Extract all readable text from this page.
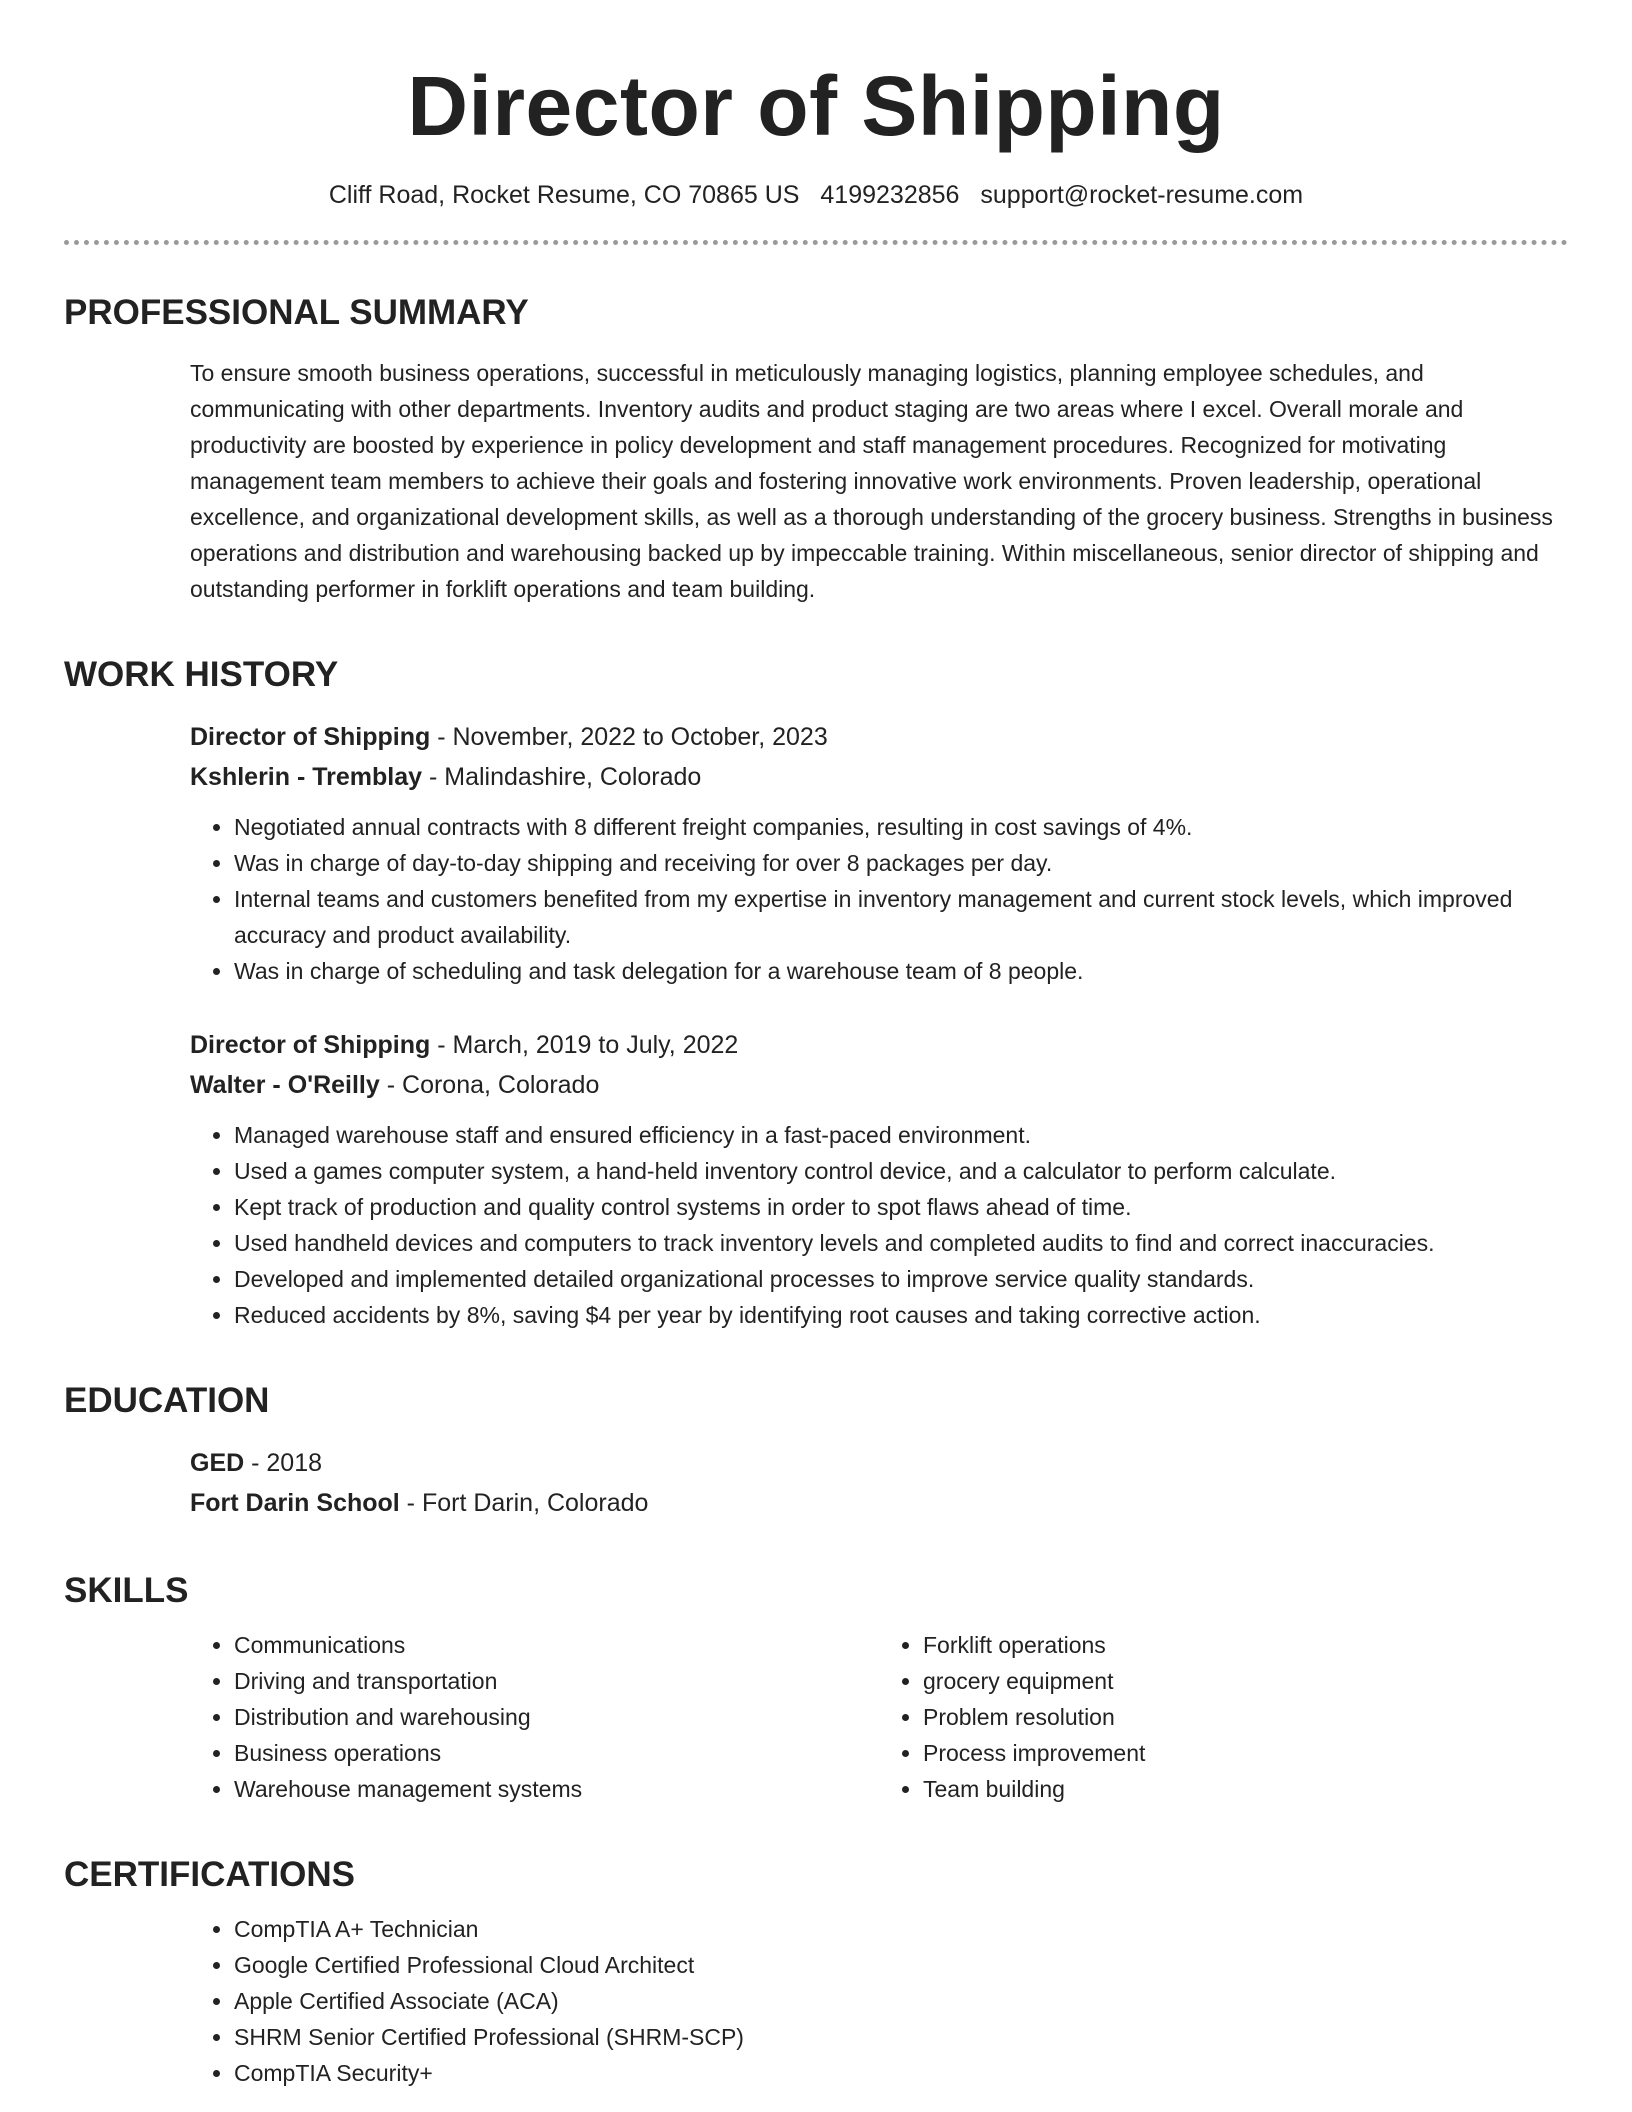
Director of Shipping
Cliff Road, Rocket Resume, CO 70865 US 4199232856 support@rocket-resume.com
PROFESSIONAL SUMMARY
To ensure smooth business operations, successful in meticulously managing logistics, planning employee schedules, and communicating with other departments. Inventory audits and product staging are two areas where I excel. Overall morale and productivity are boosted by experience in policy development and staff management procedures. Recognized for motivating management team members to achieve their goals and fostering innovative work environments. Proven leadership, operational excellence, and organizational development skills, as well as a thorough understanding of the grocery business. Strengths in business operations and distribution and warehousing backed up by impeccable training. Within miscellaneous, senior director of shipping and outstanding performer in forklift operations and team building.
WORK HISTORY
Director of Shipping - November, 2022 to October, 2023
Kshlerin - Tremblay - Malindashire, Colorado
• Negotiated annual contracts with 8 different freight companies, resulting in cost savings of 4%.
• Was in charge of day-to-day shipping and receiving for over 8 packages per day.
• Internal teams and customers benefited from my expertise in inventory management and current stock levels, which improved accuracy and product availability.
• Was in charge of scheduling and task delegation for a warehouse team of 8 people.
Director of Shipping - March, 2019 to July, 2022
Walter - O'Reilly - Corona, Colorado
• Managed warehouse staff and ensured efficiency in a fast-paced environment.
• Used a games computer system, a hand-held inventory control device, and a calculator to perform calculate.
• Kept track of production and quality control systems in order to spot flaws ahead of time.
• Used handheld devices and computers to track inventory levels and completed audits to find and correct inaccuracies.
• Developed and implemented detailed organizational processes to improve service quality standards.
• Reduced accidents by 8%, saving $4 per year by identifying root causes and taking corrective action.
EDUCATION
GED - 2018
Fort Darin School - Fort Darin, Colorado
SKILLS
• Communications
• Driving and transportation
• Distribution and warehousing
• Business operations
• Warehouse management systems
• Forklift operations
• grocery equipment
• Problem resolution
• Process improvement
• Team building
CERTIFICATIONS
• CompTIA A+ Technician
• Google Certified Professional Cloud Architect
• Apple Certified Associate (ACA)
• SHRM Senior Certified Professional (SHRM-SCP)
• CompTIA Security+
